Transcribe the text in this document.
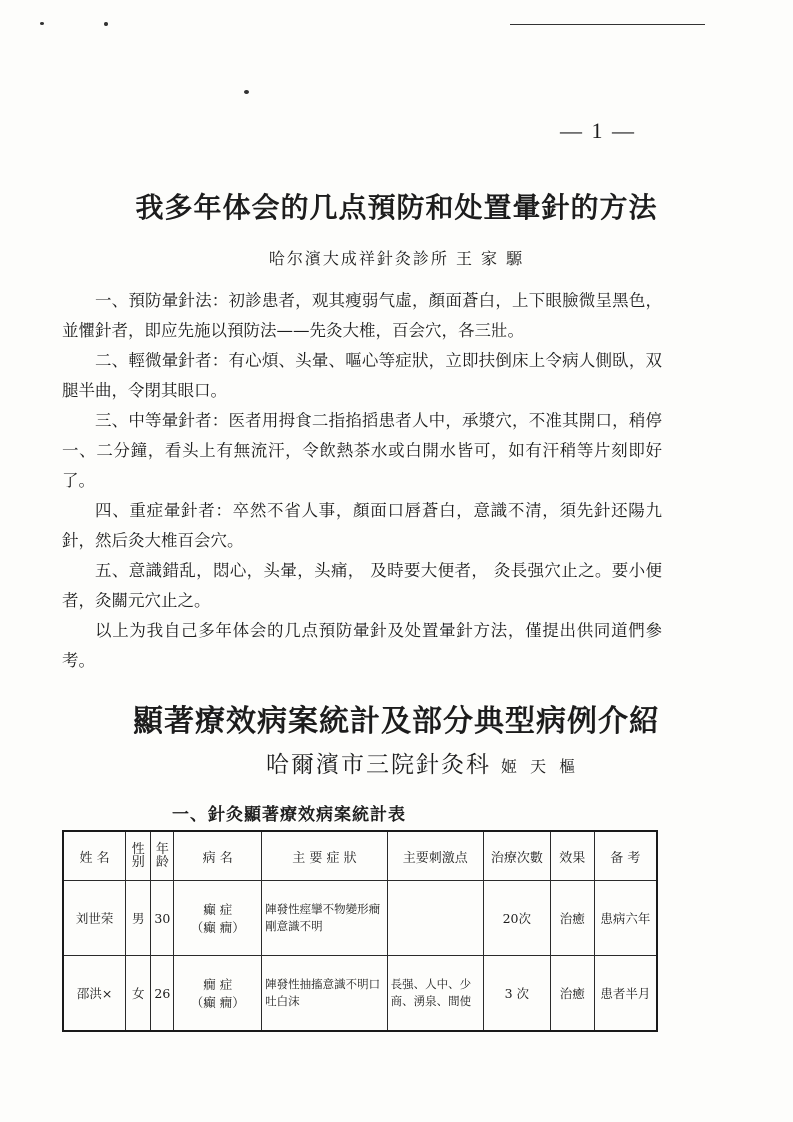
— 1 —
我多年体会的几点預防和处置暈針的方法
哈尔濱大成祥針灸診所 王 家 騵

一、預防暈針法：初診患者，观其瘦弱气虛，顏面蒼白，上下眼臉微呈黑色，並懼針者，即应先施以預防法——先灸大椎，百会穴，各三壯。

二、輕微暈針者：有心煩、头暈、嘔心等症狀，立即扶倒床上令病人側臥，双腿半曲，令閉其眼口。

三、中等暈針者：医者用拇食二指掐搯患者人中，承漿穴，不准其開口，稍停一、二分鐘，看头上有無流汗，令飲熱茶水或白開水皆可，如有汗稍等片刻即好了。

四、重症暈針者：卒然不省人事，顏面口唇蒼白，意識不清，須先針还陽九針，然后灸大椎百会穴。

五、意識錯乱，悶心，头暈，头痛， 及時要大便者， 灸長强穴止之。要小便者，灸關元穴止之。

以上为我自己多年体会的几点預防暈針及处置暈針方法，僅提出供同道們參考。

顯著療效病案統計及部分典型病例介紹
哈爾濱市三院針灸科 姬 天 樞
一、針灸顯著療效病案統計表
姓 名	性别	年龄	病 名	主 要 症 狀	主要刺激点	治療次數	效果	备 考
刘世荣	男	30	癲 症
（癲 癇）	陣發性痙攣不物變形癎剛意識不明		20次	治癒	患病六年
邵洪×	女	26	癇 症
（癲 癇）	陣發性抽搐意識不明口吐白沫	長强、人中、少商、湧泉、間使	3 次	治癒	患者半月
